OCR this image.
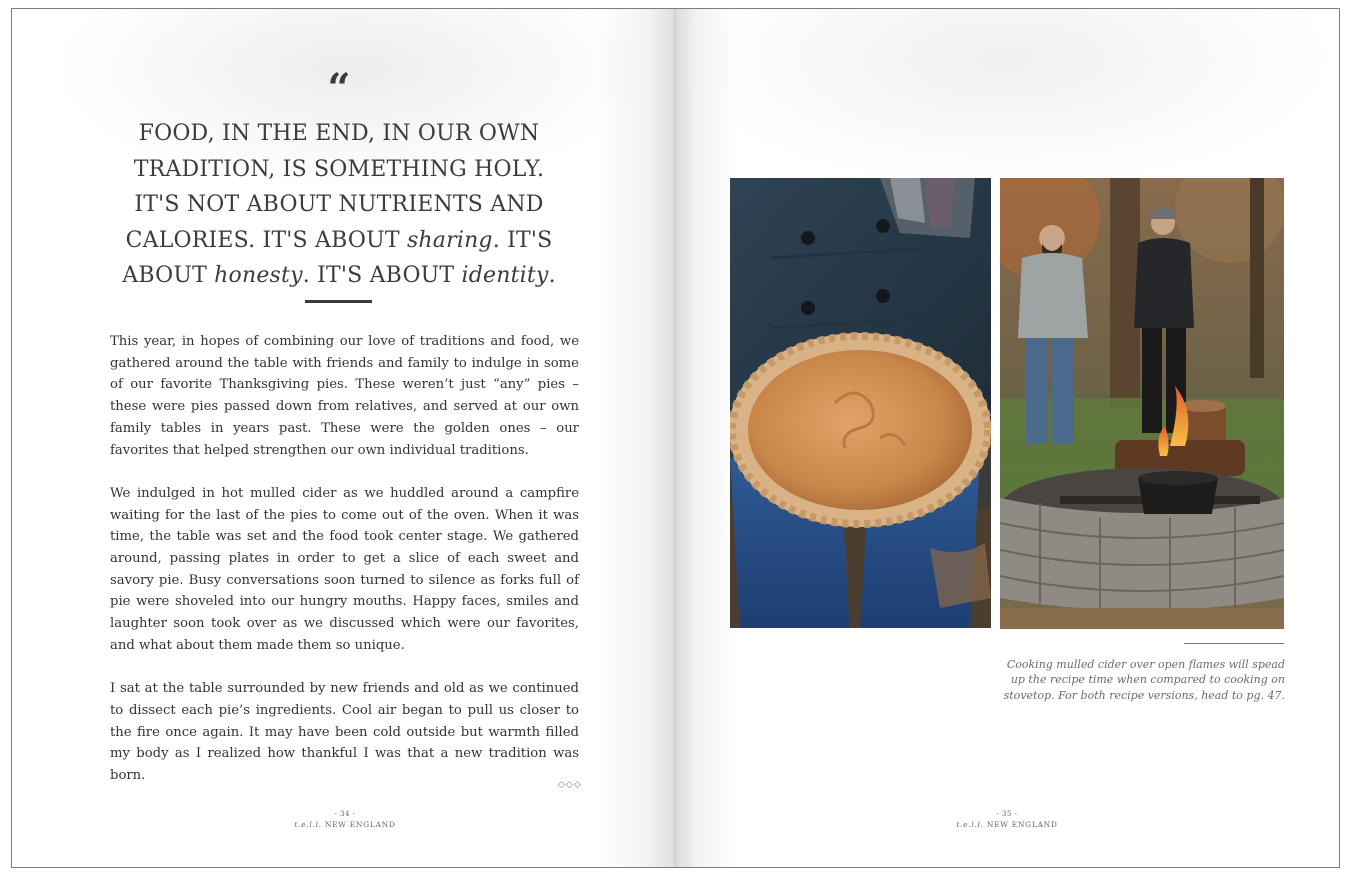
“
FOOD, IN THE END, IN OUR OWN
TRADITION, IS SOMETHING HOLY.
IT'S NOT ABOUT NUTRIENTS AND
CALORIES. IT'S ABOUT sharing. IT'S
ABOUT honesty. IT'S ABOUT identity.

This year, in hopes of combining our love of traditions and food, we gathered around the table with friends and family to indulge in some of our favorite Thanksgiving pies. These weren’t just “any” pies – these were pies passed down from relatives, and served at our own family tables in years past. These were the golden ones – our favorites that helped strengthen our own individual traditions.

We indulged in hot mulled cider as we huddled around a campfire waiting for the last of the pies to come out of the oven. When it was time, the table was set and the food took center stage. We gathered around, passing plates in order to get a slice of each sweet and savory pie. Busy conversations soon turned to silence as forks full of pie were shoveled into our hungry mouths. Happy faces, smiles and laughter soon took over as we discussed which were our favorites, and what about them made them so unique.

I sat at the table surrounded by new friends and old as we continued to dissect each pie’s ingredients. Cool air began to pull us closer to the fire once again. It may have been cold outside but warmth filled my body as I realized how thankful I was that a new tradition was born.

◇◇◇
- 34 -
t.e.l.l. NEW ENGLAND
- 35 -
t.e.l.l. NEW ENGLAND
Cooking mulled cider over open flames will spead up the recipe time when compared to cooking on stovetop. For both recipe versions, head to pg. 47.
